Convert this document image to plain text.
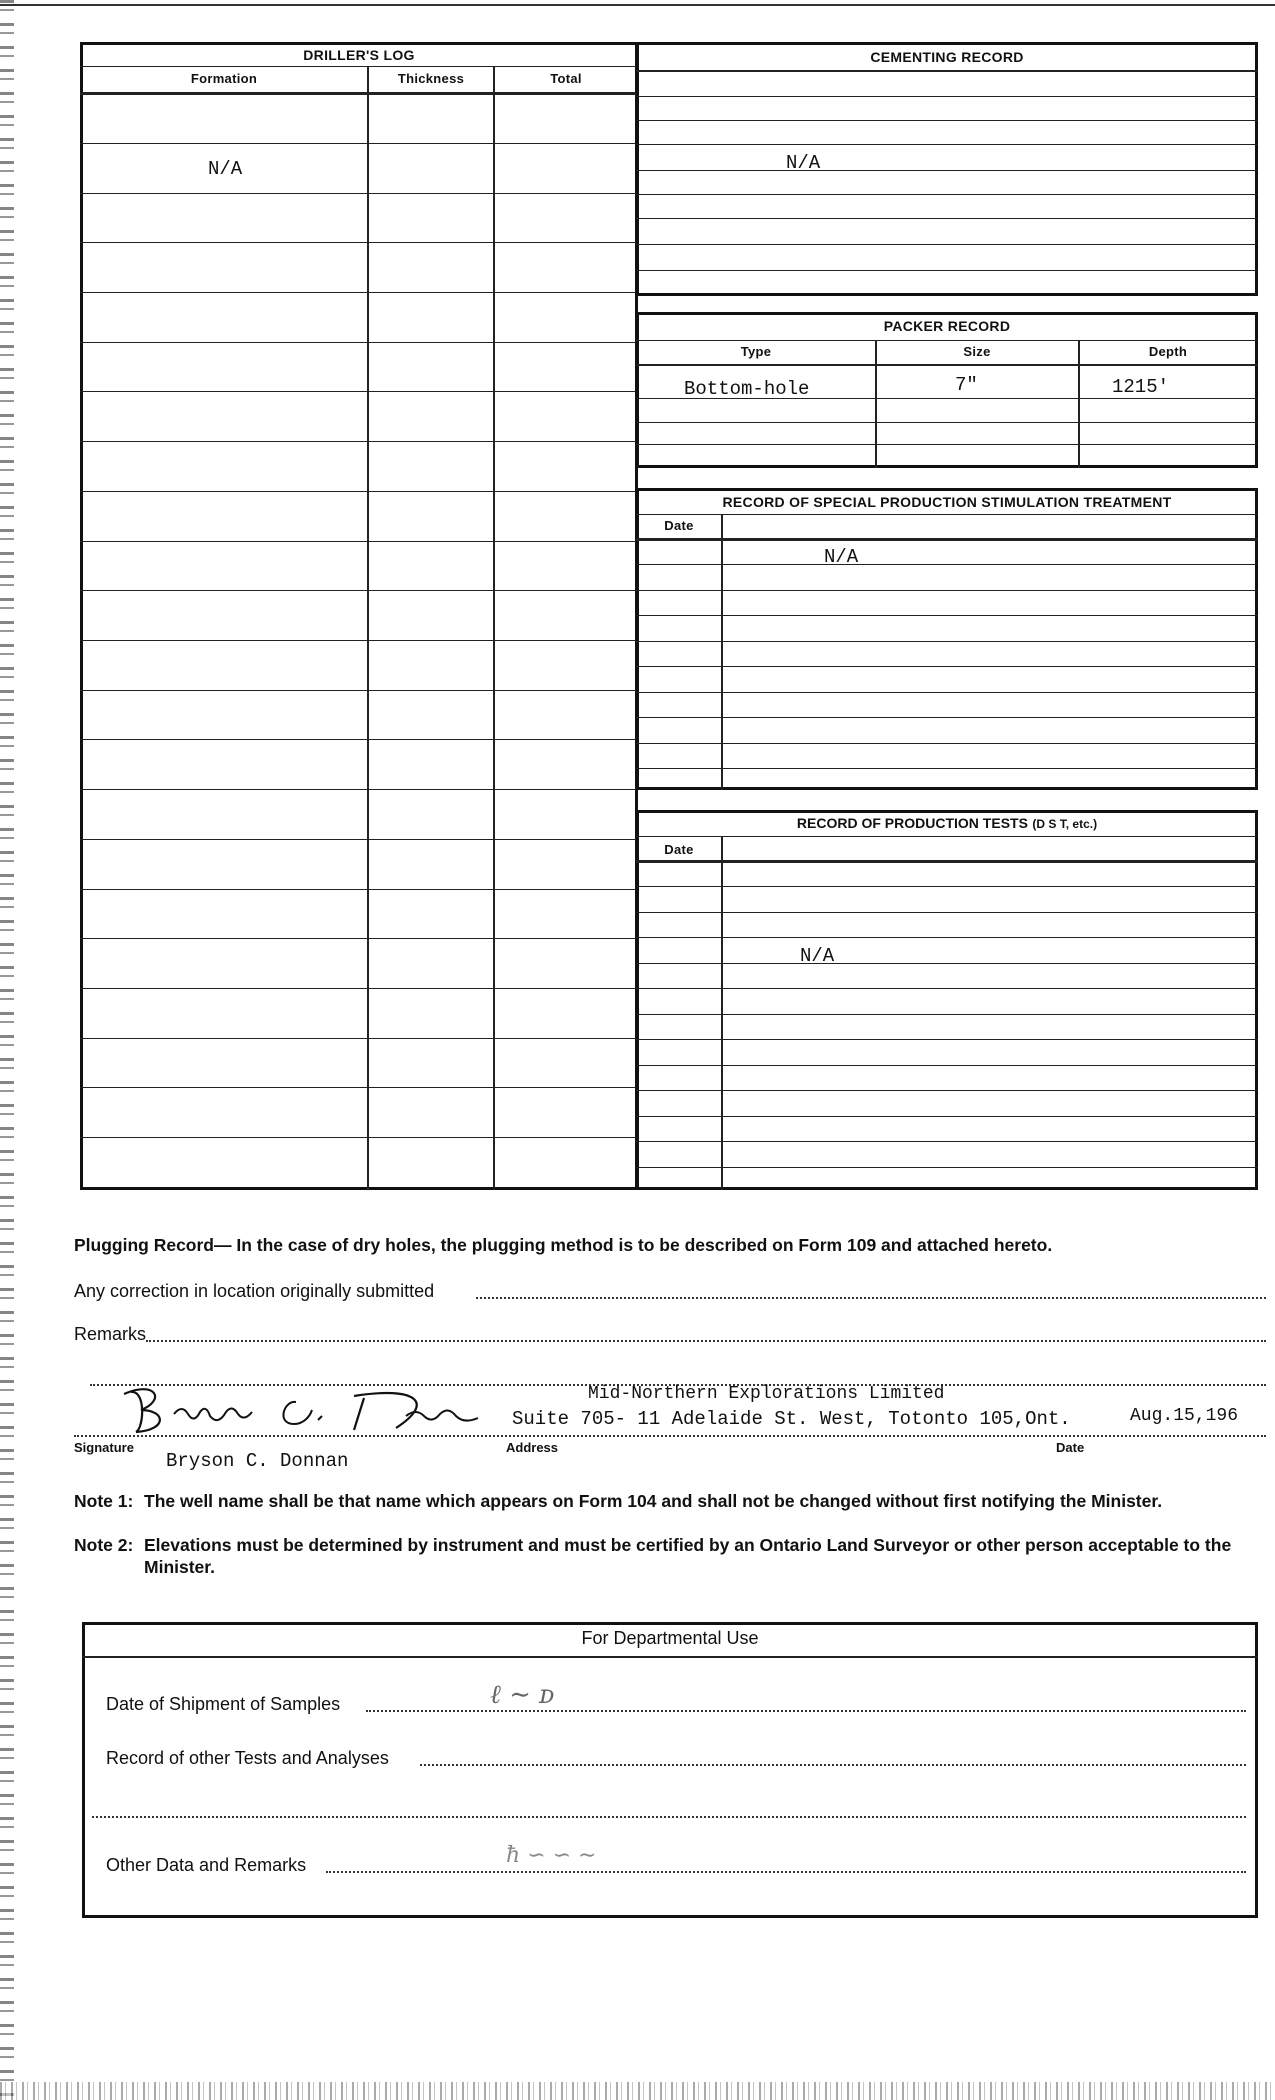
DRILLER'S LOG
Formation	Thickness	Total
N/A
CEMENTING RECORD
N/A
PACKER RECORD
Type	Size	Depth
Bottom-hole	7"	1215'
RECORD OF SPECIAL PRODUCTION STIMULATION TREATMENT
Date
N/A
RECORD OF PRODUCTION TESTS (D S T, etc.)
Date
N/A
Plugging Record— In the case of dry holes, the plugging method is to be described on Form 109 and attached hereto.
Any correction in location originally submitted
Remarks
Mid-Northern Explorations Limited
Bryson C. Donnan
Suite 705- 11 Adelaide St. West, Totonto 105,Ont.	Aug.15,196
Signature	Address	Date
Bryson C. Donnan
Note 1: The well name shall be that name which appears on Form 104 and shall not be changed without first notifying the Minister.
Note 2: Elevations must be determined by instrument and must be certified by an Ontario Land Surveyor or other person acceptable to the Minister.
For Departmental Use
Date of Shipment of Samples	ℓ ∼ ᴅ
Record of other Tests and Analyses
Other Data and Remarks	ħ ∽ ∽ ∼
